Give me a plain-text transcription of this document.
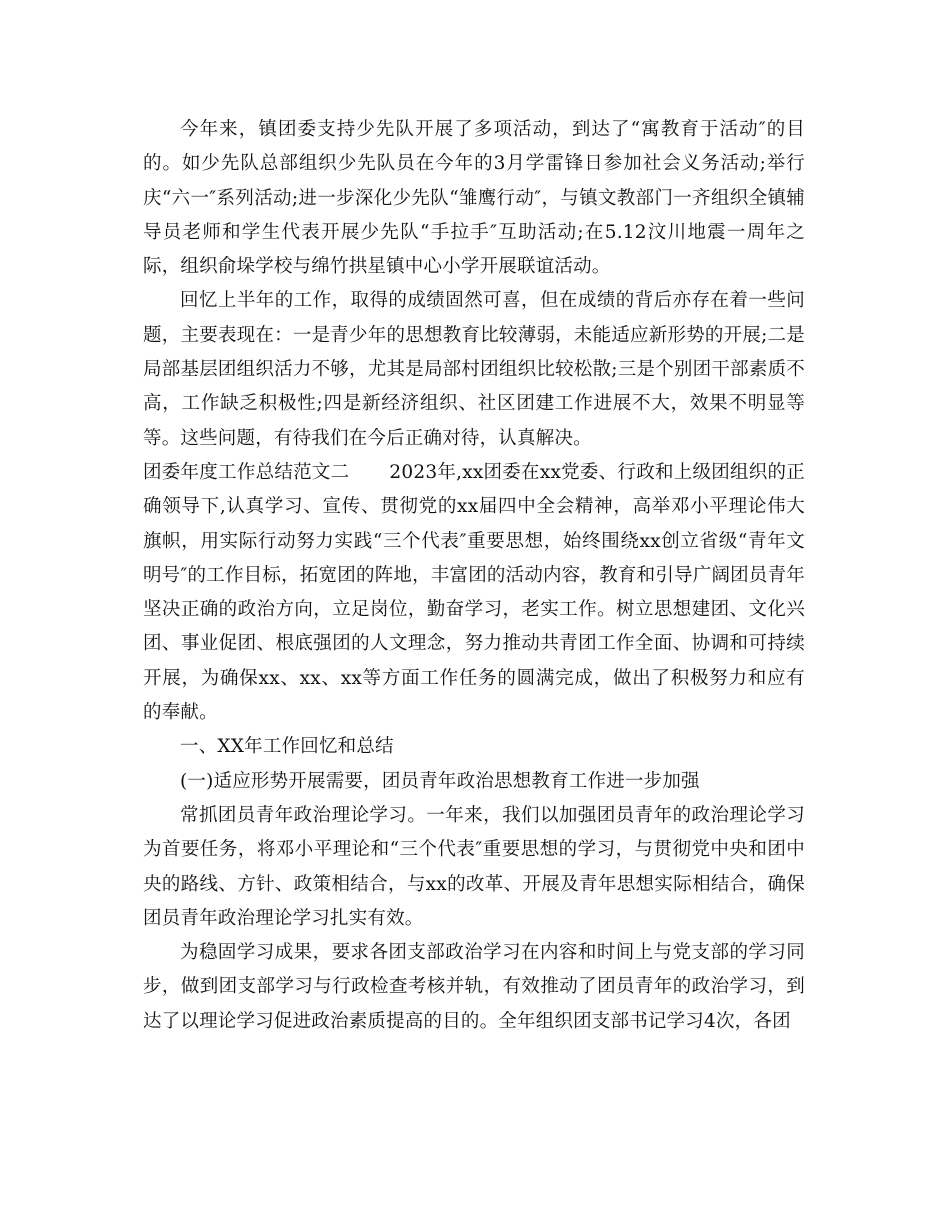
今年来，镇团委支持少先队开展了多项活动，到达了“寓教育于活动″的目的。如少先队总部组织少先队员在今年的3月学雷锋日参加社会义务活动;举行庆“六一″系列活动;进一步深化少先队“雏鹰行动″，与镇文教部门一齐组织全镇辅导员老师和学生代表开展少先队“手拉手″互助活动;在5.12汶川地震一周年之际，组织俞垛学校与绵竹拱星镇中心小学开展联谊活动。

回忆上半年的工作，取得的成绩固然可喜，但在成绩的背后亦存在着一些问题，主要表现在：一是青少年的思想教育比较薄弱，未能适应新形势的开展;二是局部基层团组织活力不够，尤其是局部村团组织比较松散;三是个别团干部素质不高，工作缺乏积极性;四是新经济组织、社区团建工作进展不大，效果不明显等等。这些问题，有待我们在今后正确对待，认真解决。

团委年度工作总结范文二 2023年,xx团委在xx党委、行政和上级团组织的正确领导下,认真学习、宣传、贯彻党的xx届四中全会精神，高举邓小平理论伟大旗帜，用实际行动努力实践“三个代表″重要思想，始终围绕xx创立省级“青年文明号″的工作目标，拓宽团的阵地，丰富团的活动内容，教育和引导广阔团员青年坚决正确的政治方向，立足岗位，勤奋学习，老实工作。树立思想建团、文化兴团、事业促团、根底强团的人文理念，努力推动共青团工作全面、协调和可持续开展，为确保xx、xx、xx等方面工作任务的圆满完成，做出了积极努力和应有的奉献。

一、XX年工作回忆和总结

(一)适应形势开展需要，团员青年政治思想教育工作进一步加强

常抓团员青年政治理论学习。一年来，我们以加强团员青年的政治理论学习为首要任务，将邓小平理论和“三个代表″重要思想的学习，与贯彻党中央和团中央的路线、方针、政策相结合，与xx的改革、开展及青年思想实际相结合，确保团员青年政治理论学习扎实有效。

为稳固学习成果，要求各团支部政治学习在内容和时间上与党支部的学习同步，做到团支部学习与行政检查考核并轨，有效推动了团员青年的政治学习，到达了以理论学习促进政治素质提高的目的。全年组织团支部书记学习4次，各团
